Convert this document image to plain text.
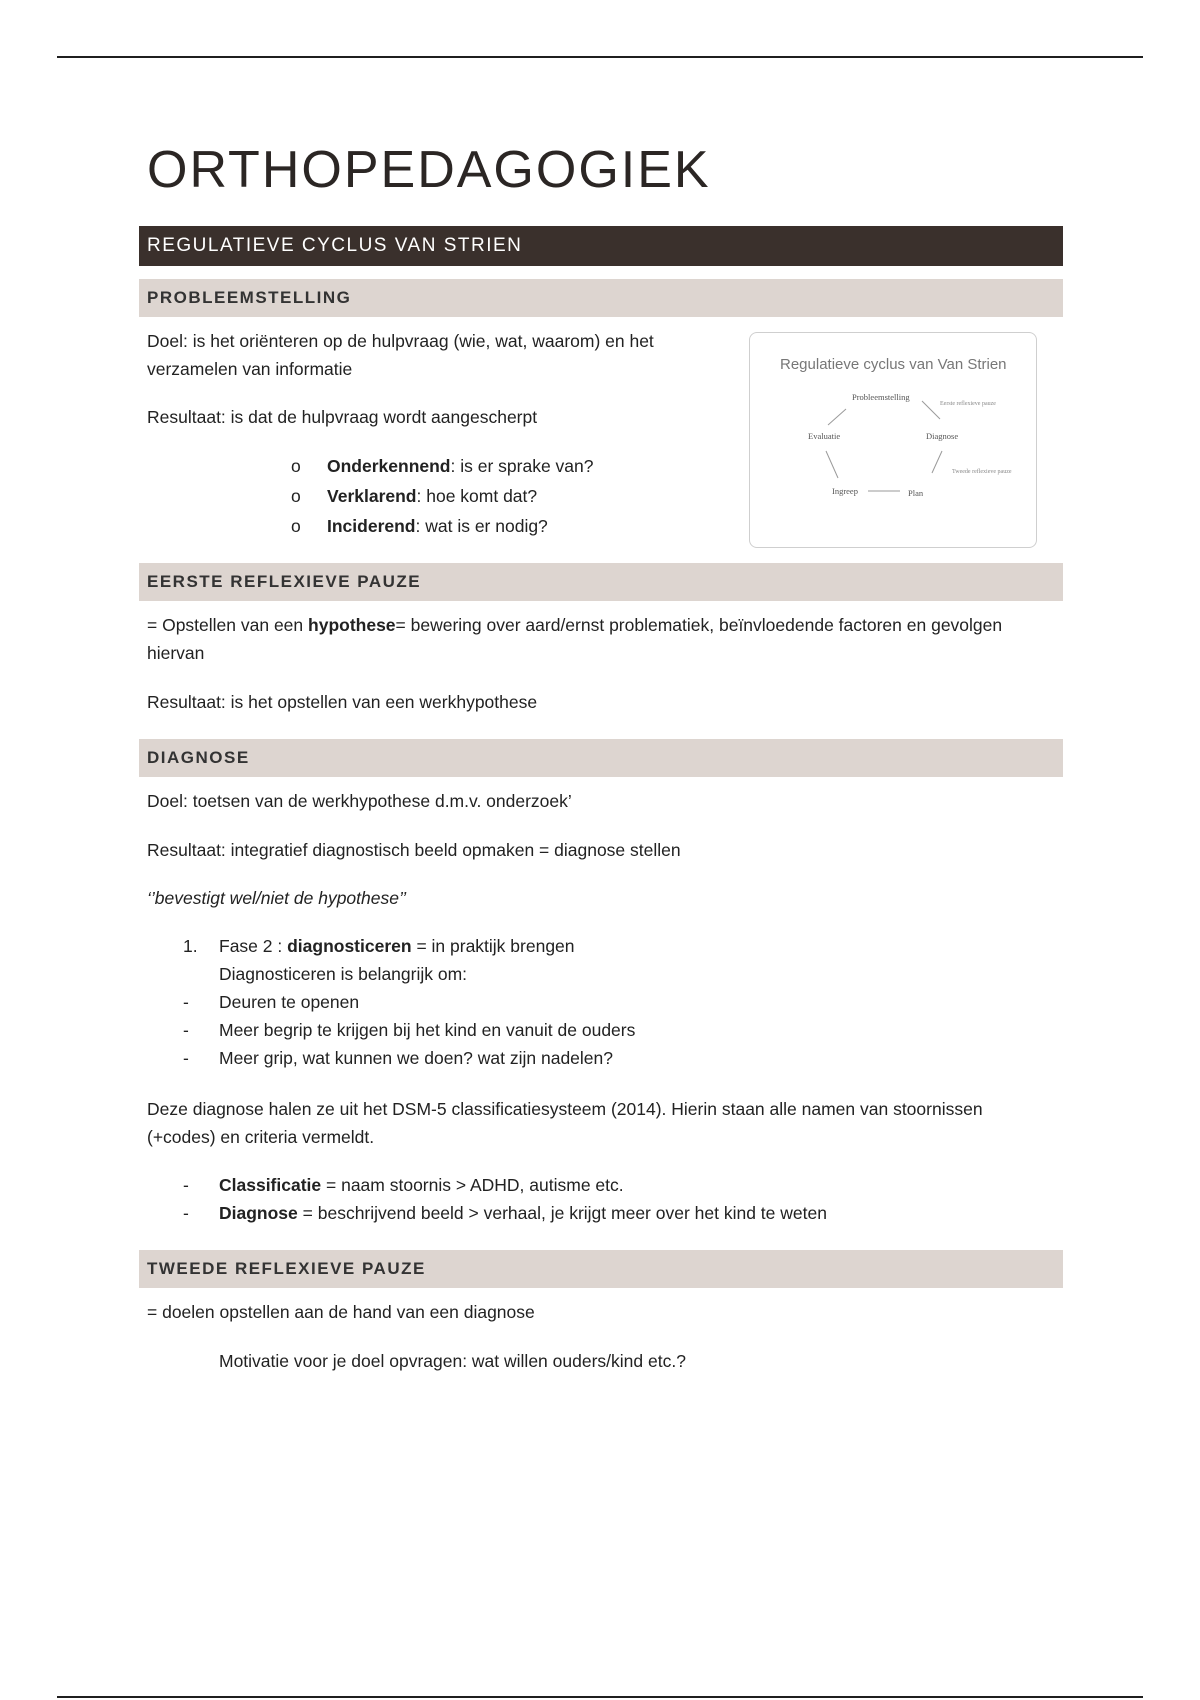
ORTHOPEDAGOGIEK
REGULATIEVE CYCLUS VAN STRIEN
PROBLEEMSTELLING

Doel: is het oriënteren op de hulpvraag (wie, wat, waarom) en het

verzamelen van informatie

Resultaat: is dat de hulpvraag wordt aangescherpt

o Onderkennend: is er sprake van?

o Verklarend: hoe komt dat?

o Inciderend: wat is er nodig?

Regulatieve cyclus van Van Strien
Probleemstelling
Diagnose
Plan
Ingreep
Evaluatie
Eerste reflexieve pauze
Tweede reflexieve pauze
EERSTE REFLEXIEVE PAUZE

= Opstellen van een hypothese= bewering over aard/ernst problematiek, beïnvloedende factoren en gevolgen

hiervan

Resultaat: is het opstellen van een werkhypothese

DIAGNOSE

Doel: toetsen van de werkhypothese d.m.v. onderzoek’

Resultaat: integratief diagnostisch beeld opmaken = diagnose stellen

‘’bevestigt wel/niet de hypothese’’

1. Fase 2 : diagnosticeren = in praktijk brengen

Diagnosticeren is belangrijk om:

- Deuren te openen

- Meer begrip te krijgen bij het kind en vanuit de ouders

- Meer grip, wat kunnen we doen? wat zijn nadelen?

Deze diagnose halen ze uit het DSM-5 classificatiesysteem (2014). Hierin staan alle namen van stoornissen

(+codes) en criteria vermeldt.

- Classificatie = naam stoornis > ADHD, autisme etc.

- Diagnose = beschrijvend beeld > verhaal, je krijgt meer over het kind te weten

TWEEDE REFLEXIEVE PAUZE

= doelen opstellen aan de hand van een diagnose

Motivatie voor je doel opvragen: wat willen ouders/kind etc.?
